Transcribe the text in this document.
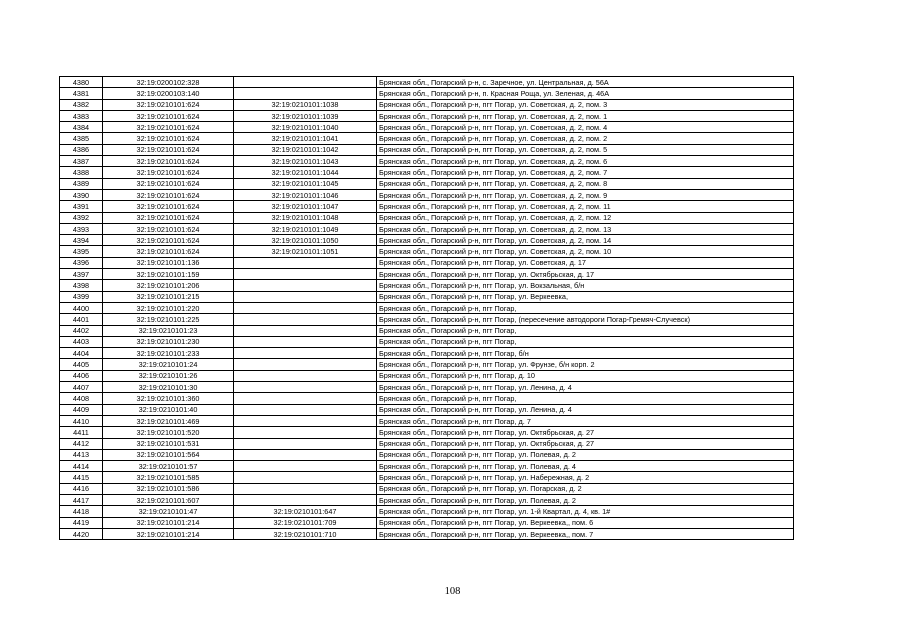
4380	32:19:0200102:328		Брянская обл., Погарский р-н, с. Заречное, ул. Центральная, д. 56А
4381	32:19:0200103:140		Брянская обл., Погарский р-н, п. Красная Роща, ул. Зеленая, д. 46А
4382	32:19:0210101:624	32:19:0210101:1038	Брянская обл., Погарский р-н, пгт Погар, ул. Советская, д. 2, пом. 3
4383	32:19:0210101:624	32:19:0210101:1039	Брянская обл., Погарский р-н, пгт Погар, ул. Советская, д. 2, пом. 1
4384	32:19:0210101:624	32:19:0210101:1040	Брянская обл., Погарский р-н, пгт Погар, ул. Советская, д. 2, пом. 4
4385	32:19:0210101:624	32:19:0210101:1041	Брянская обл., Погарский р-н, пгт Погар, ул. Советская, д. 2, пом. 2
4386	32:19:0210101:624	32:19:0210101:1042	Брянская обл., Погарский р-н, пгт Погар, ул. Советская, д. 2, пом. 5
4387	32:19:0210101:624	32:19:0210101:1043	Брянская обл., Погарский р-н, пгт Погар, ул. Советская, д. 2, пом. 6
4388	32:19:0210101:624	32:19:0210101:1044	Брянская обл., Погарский р-н, пгт Погар, ул. Советская, д. 2, пом. 7
4389	32:19:0210101:624	32:19:0210101:1045	Брянская обл., Погарский р-н, пгт Погар, ул. Советская, д. 2, пом. 8
4390	32:19:0210101:624	32:19:0210101:1046	Брянская обл., Погарский р-н, пгт Погар, ул. Советская, д. 2, пом. 9
4391	32:19:0210101:624	32:19:0210101:1047	Брянская обл., Погарский р-н, пгт Погар, ул. Советская, д. 2, пом. 11
4392	32:19:0210101:624	32:19:0210101:1048	Брянская обл., Погарский р-н, пгт Погар, ул. Советская, д. 2, пом. 12
4393	32:19:0210101:624	32:19:0210101:1049	Брянская обл., Погарский р-н, пгт Погар, ул. Советская, д. 2, пом. 13
4394	32:19:0210101:624	32:19:0210101:1050	Брянская обл., Погарский р-н, пгт Погар, ул. Советская, д. 2, пом. 14
4395	32:19:0210101:624	32:19:0210101:1051	Брянская обл., Погарский р-н, пгт Погар, ул. Советская, д. 2, пом. 10
4396	32:19:0210101:136		Брянская обл., Погарский р-н, пгт Погар, ул. Советская, д. 17
4397	32:19:0210101:159		Брянская обл., Погарский р-н, пгт Погар, ул. Октябрьская, д. 17
4398	32:19:0210101:206		Брянская обл., Погарский р-н, пгт Погар, ул. Вокзальная, б/н
4399	32:19:0210101:215		Брянская обл., Погарский р-н, пгт Погар, ул. Веркеевка,
4400	32:19:0210101:220		Брянская обл., Погарский р-н, пгт Погар,
4401	32:19:0210101:225		Брянская обл., Погарский р-н, пгт Погар, (пересечение автодороги Погар-Гремяч-Случевск)
4402	32:19:0210101:23		Брянская обл., Погарский р-н, пгт Погар,
4403	32:19:0210101:230		Брянская обл., Погарский р-н, пгт Погар,
4404	32:19:0210101:233		Брянская обл., Погарский р-н, пгт Погар, б/н
4405	32:19:0210101:24		Брянская обл., Погарский р-н, пгт Погар, ул. Фрунзе, б/н корп. 2
4406	32:19:0210101:26		Брянская обл., Погарский р-н, пгт Погар, д. 10
4407	32:19:0210101:30		Брянская обл., Погарский р-н, пгт Погар, ул. Ленина, д. 4
4408	32:19:0210101:360		Брянская обл., Погарский р-н, пгт Погар,
4409	32:19:0210101:40		Брянская обл., Погарский р-н, пгт Погар, ул. Ленина, д. 4
4410	32:19:0210101:469		Брянская обл., Погарский р-н, пгт Погар, д. 7
4411	32:19:0210101:520		Брянская обл., Погарский р-н, пгт Погар, ул. Октябрьская, д. 27
4412	32:19:0210101:531		Брянская обл., Погарский р-н, пгт Погар, ул. Октябрьская, д. 27
4413	32:19:0210101:564		Брянская обл., Погарский р-н, пгт Погар, ул. Полевая, д. 2
4414	32:19:0210101:57		Брянская обл., Погарский р-н, пгт Погар, ул. Полевая, д. 4
4415	32:19:0210101:585		Брянская обл., Погарский р-н, пгт Погар, ул. Набережная, д. 2
4416	32:19:0210101:586		Брянская обл., Погарский р-н, пгт Погар, ул. Погарская, д. 2
4417	32:19:0210101:607		Брянская обл., Погарский р-н, пгт Погар, ул. Полевая, д. 2
4418	32:19:0210101:47	32:19:0210101:647	Брянская обл., Погарский р-н, пгт Погар, ул. 1-й Квартал, д. 4, кв. 1#
4419	32:19:0210101:214	32:19:0210101:709	Брянская обл., Погарский р-н, пгт Погар, ул. Веркеевка,, пом. 6
4420	32:19:0210101:214	32:19:0210101:710	Брянская обл., Погарский р-н, пгт Погар, ул. Веркеевка,, пом. 7
108
